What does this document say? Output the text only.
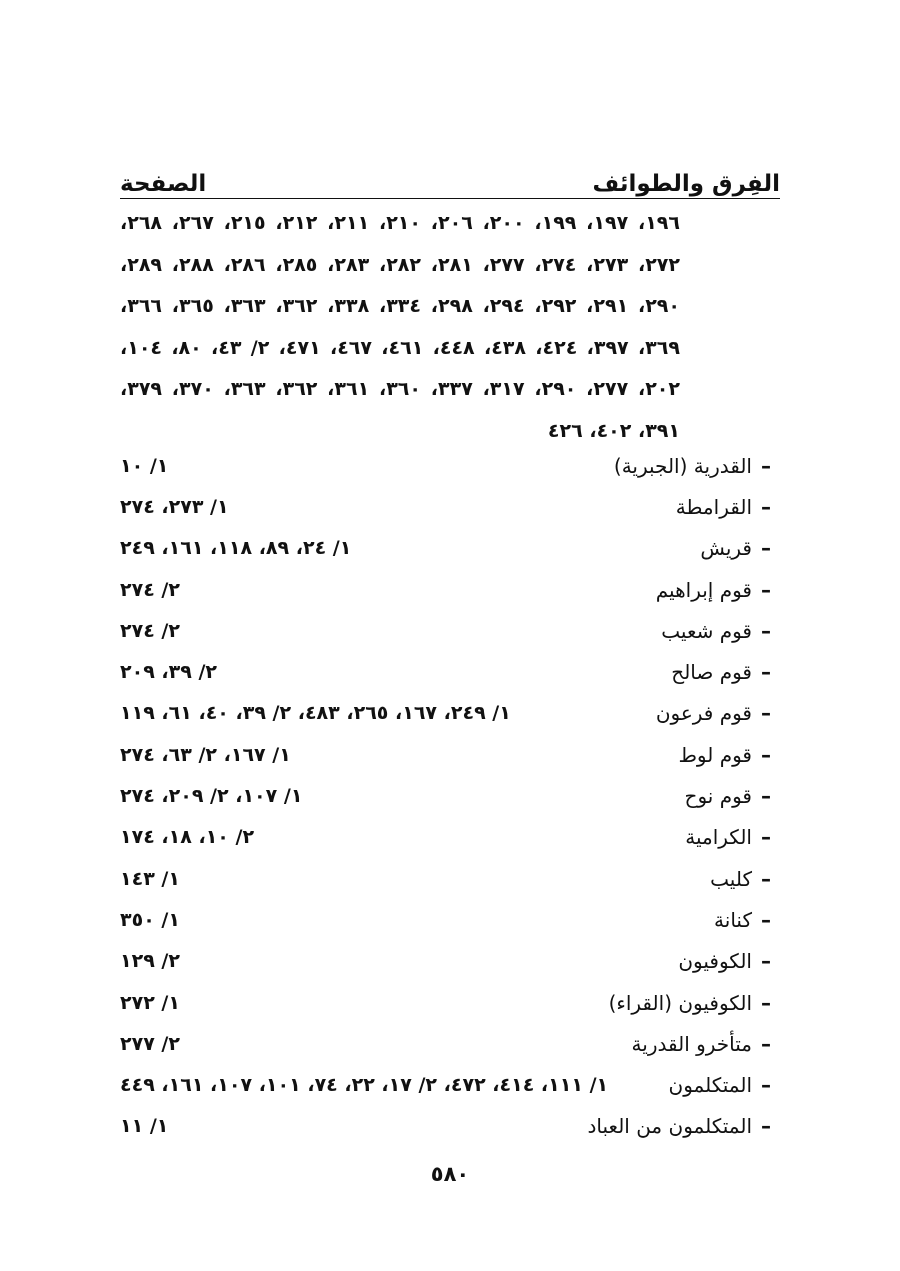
الفِرق والطوائف
الصفحة
١٩٦، ١٩٧، ١٩٩، ٢٠٠، ٢٠٦، ٢١٠، ٢١١، ٢١٢، ٢١٥، ٢٦٧، ٢٦٨،
٢٧٢، ٢٧٣، ٢٧٤، ٢٧٧، ٢٨١، ٢٨٢، ٢٨٣، ٢٨٥، ٢٨٦، ٢٨٨، ٢٨٩،
٢٩٠، ٢٩١، ٢٩٢، ٢٩٤، ٢٩٨، ٣٣٤، ٣٣٨، ٣٦٢، ٣٦٣، ٣٦٥، ٣٦٦،
٣٦٩، ٣٩٧، ٤٢٤، ٤٣٨، ٤٤٨، ٤٦١، ٤٦٧، ٤٧١، ٢/ ٤٣، ٨٠، ١٠٤،
٢٠٢، ٢٧٧، ٢٩٠، ٣١٧، ٣٣٧، ٣٦٠، ٣٦١، ٣٦٢، ٣٦٣، ٣٧٠، ٣٧٩،
٣٩١، ٤٠٢، ٤٢٦
–
القدرية (الجبرية)
١/ ١٠
–
القرامطة
١/ ٢٧٣، ٢٧٤
–
قريش
١/ ٢٤، ٨٩، ١١٨، ١٦١، ٢٤٩
–
قوم إبراهيم
٢/ ٢٧٤
–
قوم شعيب
٢/ ٢٧٤
–
قوم صالح
٢/ ٣٩، ٢٠٩
–
قوم فرعون
١/ ٢٤٩، ١٦٧، ٢٦٥، ٤٨٣، ٢/ ٣٩، ٤٠، ٦١، ١١٩
–
قوم لوط
١/ ١٦٧، ٢/ ٦٣، ٢٧٤
–
قوم نوح
١/ ١٠٧، ٢/ ٢٠٩، ٢٧٤
–
الكرامية
٢/ ١٠، ١٨، ١٧٤
–
كليب
١/ ١٤٣
–
كنانة
١/ ٣٥٠
–
الكوفيون
٢/ ١٢٩
–
الكوفيون (القراء)
١/ ٢٧٢
–
متأخرو القدرية
٢/ ٢٧٧
–
المتكلمون
١/ ١١١، ٤١٤، ٤٧٢، ٢/ ١٧، ٢٢، ٧٤، ١٠١، ١٠٧، ١٦١، ٤٤٩
–
المتكلمون من العباد
١/ ١١
٥٨٠
